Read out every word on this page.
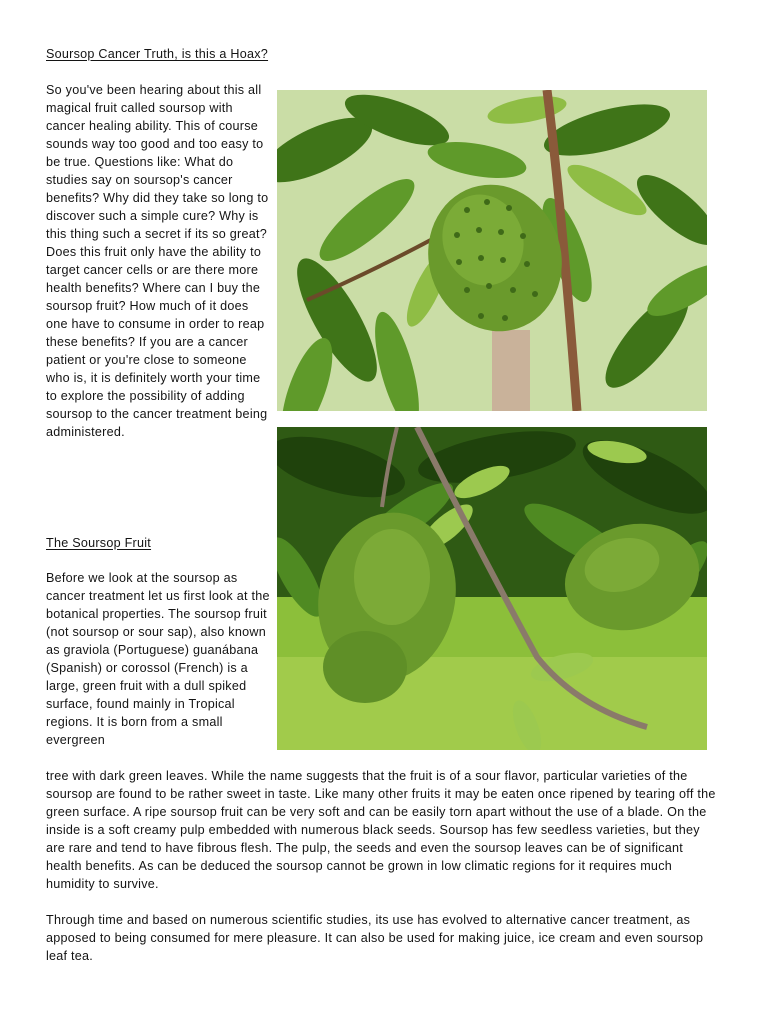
Soursop Cancer Truth, is this a Hoax?

So you've been hearing about this all magical fruit called soursop with cancer healing ability. This of course sounds way too good and too easy to be true. Questions like: What do studies say on soursop's cancer benefits? Why did they take so long to discover such a simple cure? Why is this thing such a secret if its so great? Does this fruit only have the ability to target cancer cells or are there more health benefits? Where can I buy the soursop fruit? How much of it does one have to consume in order to reap these benefits? If you are a cancer patient or you're close to someone who is, it is definitely worth your time to explore the possibility of adding soursop to the cancer treatment being administered.

The Soursop Fruit

Before we look at the soursop as cancer treatment let us first look at the botanical properties. The soursop fruit (not soursop or sour sap), also known as graviola (Portuguese) guanábana (Spanish) or corossol (French) is a large, green fruit with a dull spiked surface, found mainly in Tropical regions. It is born from a small evergreen

tree with dark green leaves. While the name suggests that the fruit is of a sour flavor, particular varieties of the soursop are found to be rather sweet in taste. Like many other fruits it may be eaten once ripened by tearing off the green surface. A ripe soursop fruit can be very soft and can be easily torn apart without the use of a blade. On the inside is a soft creamy pulp embedded with numerous black seeds. Soursop has few seedless varieties, but they are rare and tend to have fibrous flesh. The pulp, the seeds and even the soursop leaves can be of significant health benefits. As can be deduced the soursop cannot be grown in low climatic regions for it requires much humidity to survive.

Through time and based on numerous scientific studies, its use has evolved to alternative cancer treatment, as apposed to being consumed for mere pleasure. It can also be used for making juice, ice cream and even soursop leaf tea.
